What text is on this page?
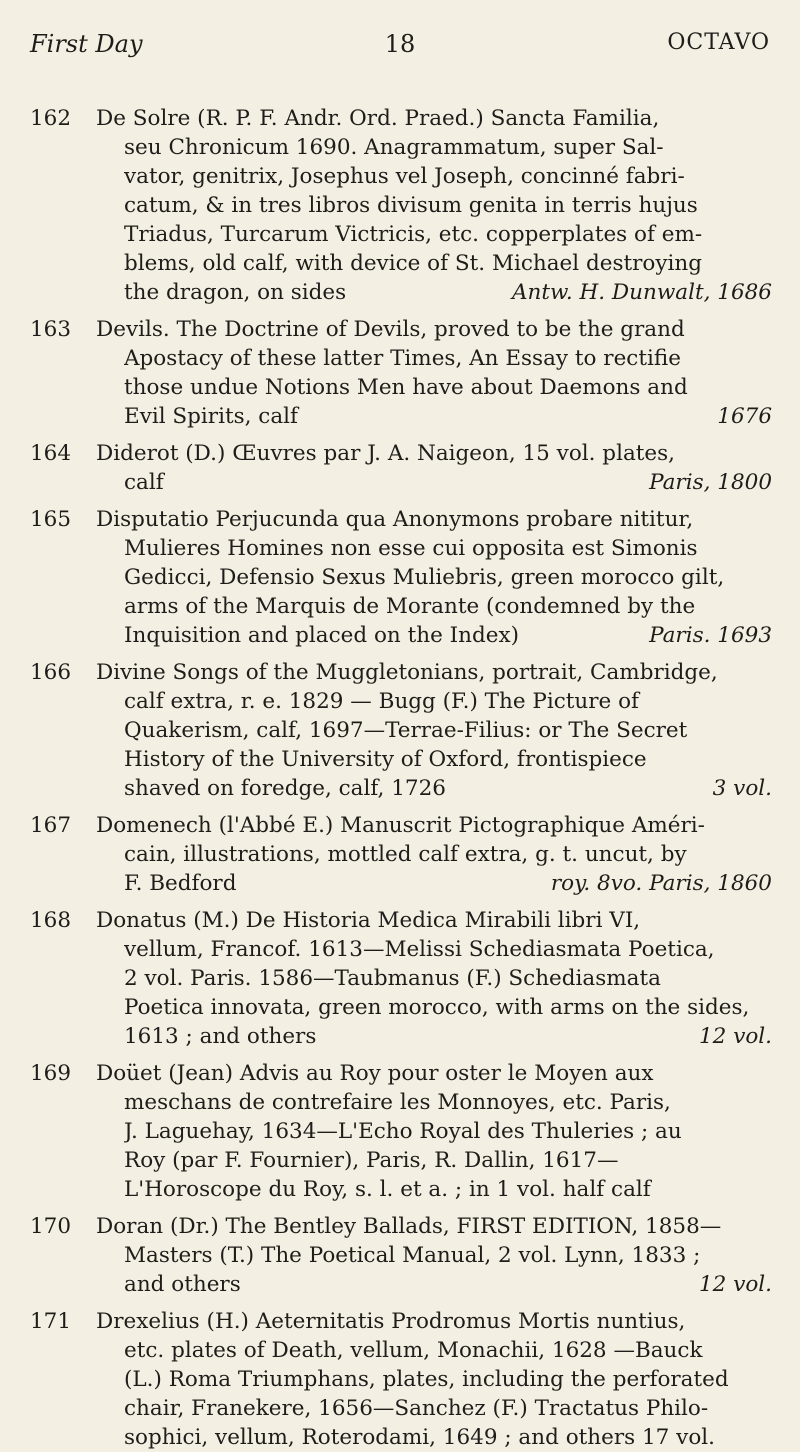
First Day	18	OCTAVO
162	De Solre (R. P. F. Andr. Ord. Praed.) Sancta Familia,
seu Chronicum 1690. Anagrammatum, super Sal-
vator, genitrix, Josephus vel Joseph, concinné fabri-
catum, & in tres libros divisum genita in terris hujus
Triadus, Turcarum Victricis, etc. copperplates of em-
blems, old calf, with device of St. Michael destroying
the dragon, on sides	Antw. H. Dunwalt, 1686
163	Devils. The Doctrine of Devils, proved to be the grand
Apostacy of these latter Times, An Essay to rectifie
those undue Notions Men have about Daemons and
Evil Spirits, calf	1676
164	Diderot (D.) Œuvres par J. A. Naigeon, 15 vol. plates,
calf	Paris, 1800
165	Disputatio Perjucunda qua Anonymons probare nititur,
Mulieres Homines non esse cui opposita est Simonis
Gedicci, Defensio Sexus Muliebris, green morocco gilt,
arms of the Marquis de Morante (condemned by the
Inquisition and placed on the Index)	Paris. 1693
166	Divine Songs of the Muggletonians, portrait, Cambridge,
calf extra, r. e. 1829 — Bugg (F.) The Picture of
Quakerism, calf, 1697—Terrae-Filius: or The Secret
History of the University of Oxford, frontispiece
shaved on foredge, calf, 1726	3 vol.
167	Domenech (l'Abbé E.) Manuscrit Pictographique Améri-
cain, illustrations, mottled calf extra, g. t. uncut, by
F. Bedford	roy. 8vo. Paris, 1860
168	Donatus (M.) De Historia Medica Mirabili libri VI,
vellum, Francof. 1613—Melissi Schediasmata Poetica,
2 vol. Paris. 1586—Taubmanus (F.) Schediasmata
Poetica innovata, green morocco, with arms on the sides,
1613 ; and others	12 vol.
169	Doüet (Jean) Advis au Roy pour oster le Moyen aux
meschans de contrefaire les Monnoyes, etc. Paris,
J. Laguehay, 1634—L'Echo Royal des Thuleries ; au
Roy (par F. Fournier), Paris, R. Dallin, 1617—
L'Horoscope du Roy, s. l. et a. ; in 1 vol. half calf
170	Doran (Dr.) The Bentley Ballads, FIRST EDITION, 1858—
Masters (T.) The Poetical Manual, 2 vol. Lynn, 1833 ;
and others	12 vol.
171	Drexelius (H.) Aeternitatis Prodromus Mortis nuntius,
etc. plates of Death, vellum, Monachii, 1628 —Bauck
(L.) Roma Triumphans, plates, including the perforated
chair, Franekere, 1656—Sanchez (F.) Tractatus Philo-
sophici, vellum, Roterodami, 1649 ; and others 17 vol.
